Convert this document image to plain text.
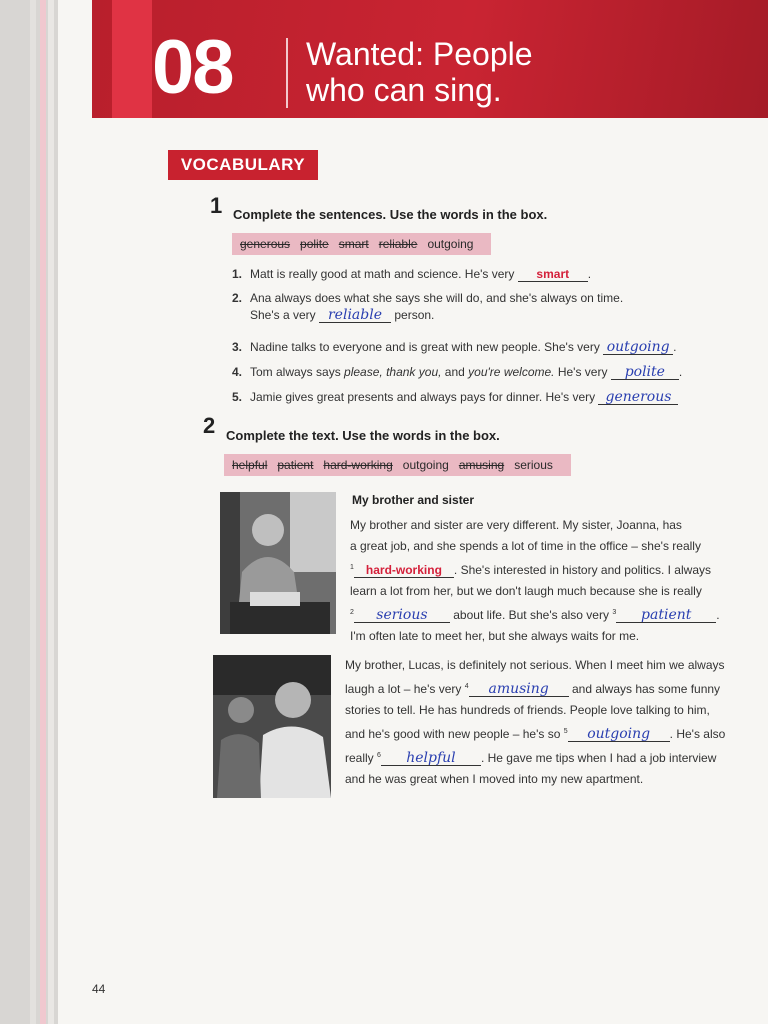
08 Wanted: People
who can sing.
VOCABULARY
1 Complete the sentences. Use the words in the box.
generous polite smart reliable outgoing
1. Matt is really good at math and science. He's very smart .
2. Ana always does what she says she will do, and she's always on time.
She's a very reliable person.
3. Nadine talks to everyone and is great with new people. She's very outgoing .
4. Tom always says please, thank you, and you're welcome. He's very polite .
5. Jamie gives great presents and always pays for dinner. He's very generous
2 Complete the text. Use the words in the box.
helpful patient hard-working outgoing amusing serious
My brother and sister
My brother and sister are very different. My sister, Joanna, has
a great job, and she spends a lot of time in the office – she's really
$^1$ hard-working . She's interested in history and politics. I always
learn a lot from her, but we don't laugh much because she is really
$^2$ serious about life. But she's also very $^3$ patient .
I'm often late to meet her, but she always waits for me.
My brother, Lucas, is definitely not serious. When I meet him we always
laugh a lot – he's very $^4$ amusing and always has some funny
stories to tell. He has hundreds of friends. People love talking to him,
and he's good with new people – he's so $^5$ outgoing . He's also
really $^6$ helpful . He gave me tips when I had a job interview
and he was great when I moved into my new apartment.
44
